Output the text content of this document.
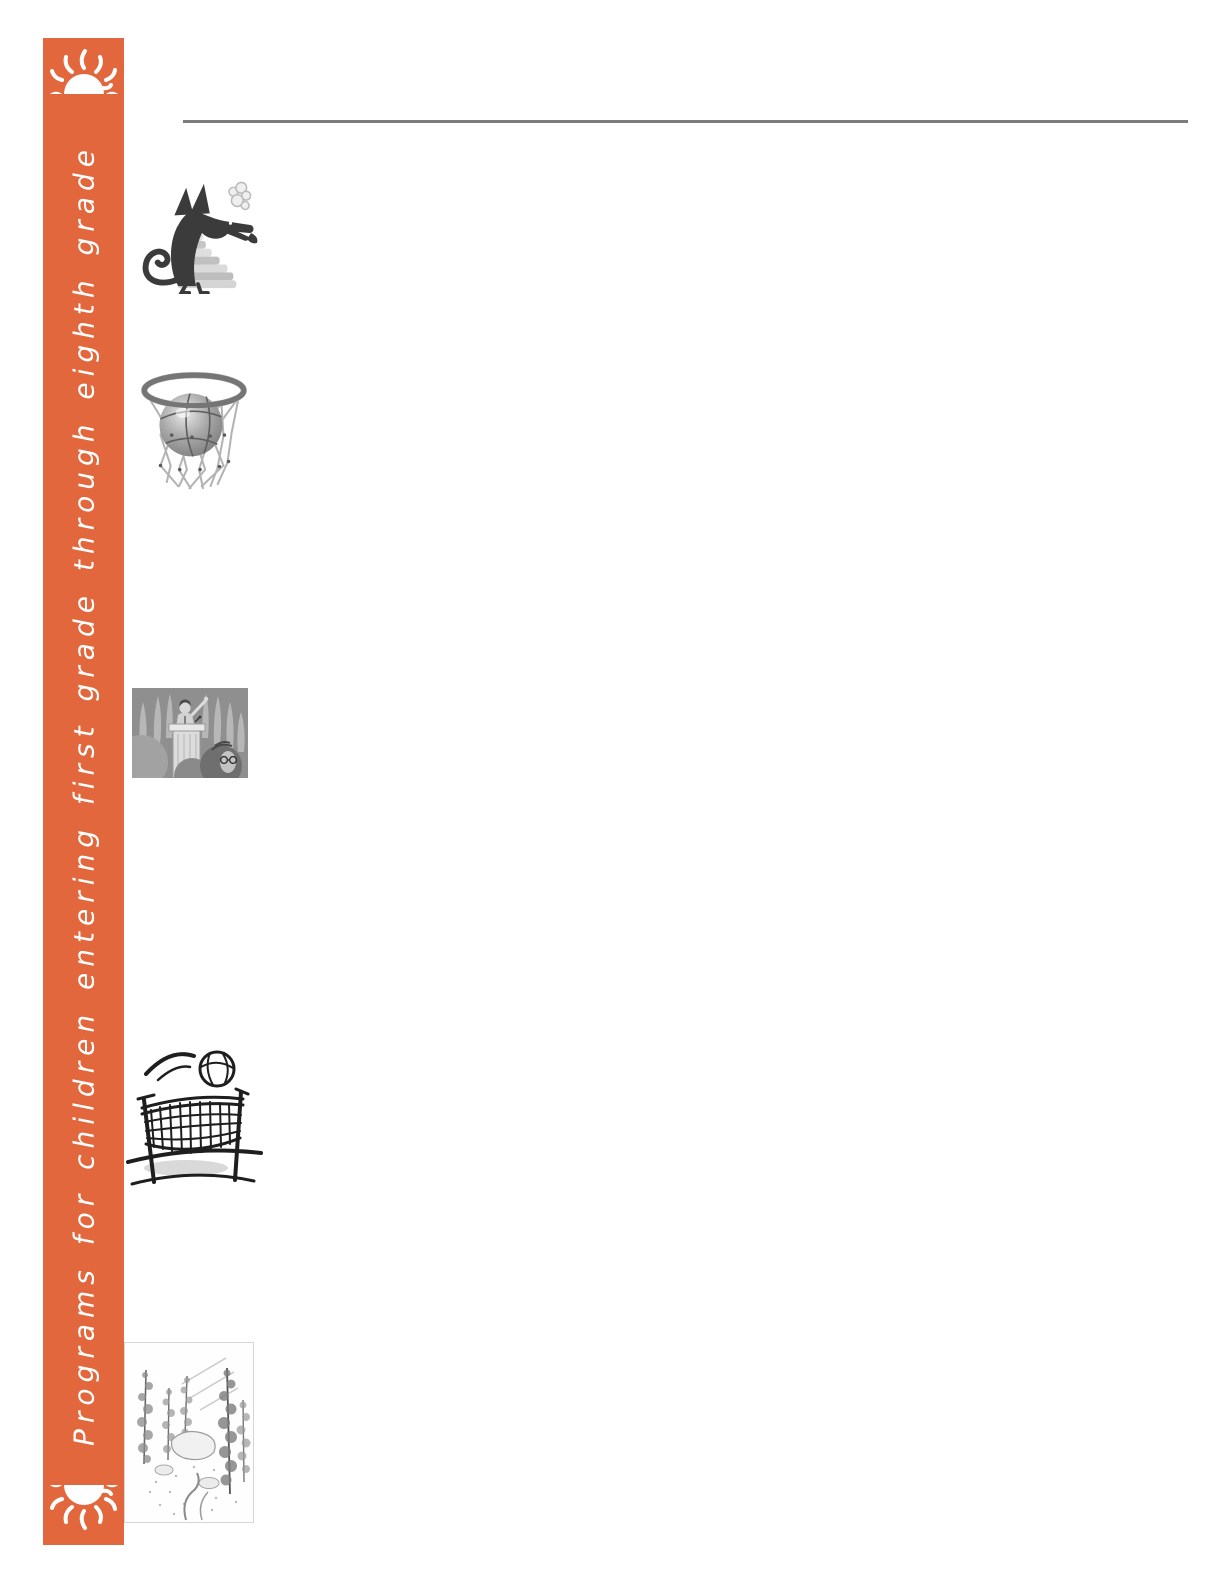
Programs for children entering first grade through eighth grade
